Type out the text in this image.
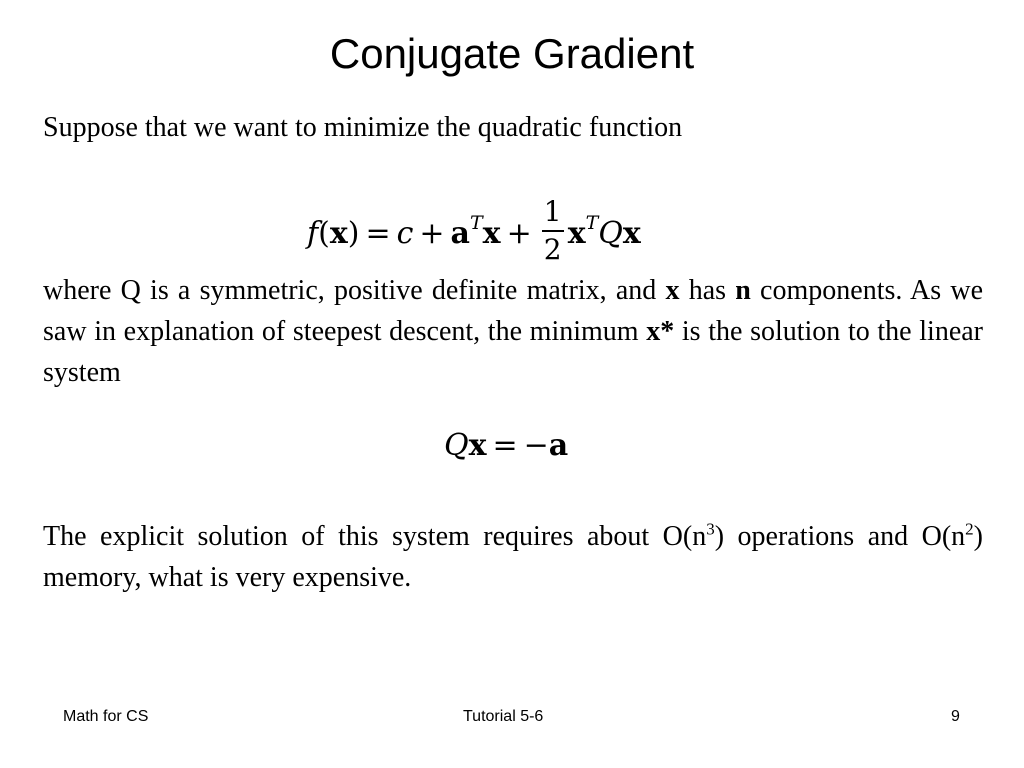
Conjugate Gradient
Suppose that we want to minimize the quadratic function
$f(x) = c + a^Tx + \frac{1}{2} x^TQx$
where Q is a symmetric, positive definite matrix, and x has n components. As we saw in explanation of steepest descent, the minimum x* is the solution to the linear system
Qx = −a
The explicit solution of this system requires about $O(n^3)$ operations and $O(n^2)$ memory, what is very expensive.
Math for CS	Tutorial 5-6	9
